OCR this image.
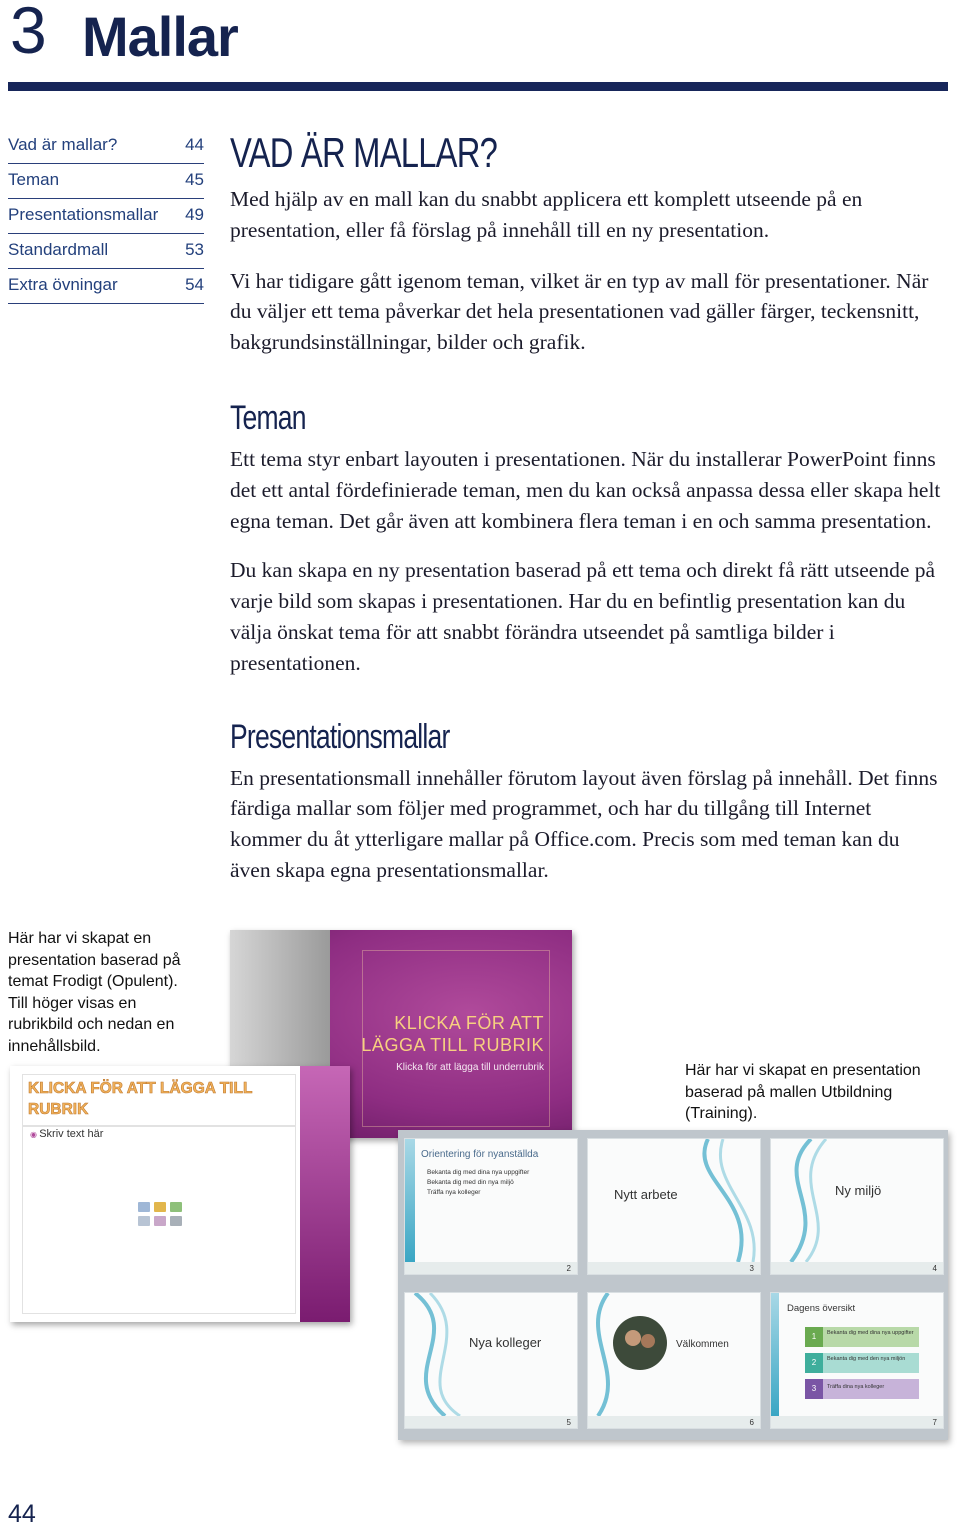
3 Mallar
Vad är mallar?	44
Teman	45
Presentationsmallar 49
Standardmall	53
Extra övningar	54
VAD ÄR MALLAR?

Med hjälp av en mall kan du snabbt applicera ett komplett utseende på en presentation, eller få förslag på innehåll till en ny presentation.

Vi har tidigare gått igenom teman, vilket är en typ av mall för presentationer. När du väljer ett tema påverkar det hela presentationen vad gäller färger, teckensnitt, bakgrundsinställningar, bilder och grafik.

Teman

Ett tema styr enbart layouten i presentationen. När du installerar PowerPoint finns det ett antal fördefinierade teman, men du kan också anpassa dessa eller skapa helt egna teman. Det går även att kombinera flera teman i en och samma presentation.

Du kan skapa en ny presentation baserad på ett tema och direkt få rätt utseende på varje bild som skapas i presentationen. Har du en befintlig presentation kan du välja önskat tema för att snabbt förändra utseendet på samtliga bilder i presentationen.

Presentationsmallar

En presentationsmall innehåller förutom layout även förslag på innehåll. Det finns färdiga mallar som följer med programmet, och har du tillgång till Internet kommer du åt ytterligare mallar på Office.com. Precis som med teman kan du även skapa egna presentationsmallar.

Här har vi skapat en presentation baserad på temat Frodigt (Opulent). Till höger visas en rubrikbild och nedan en innehållsbild.
Här har vi skapat en presentation baserad på mallen Utbildning (Training).
KLICKA FÖR ATT
LÄGGA TILL RUBRIK
Klicka för att lägga till underrubrik
KLICKA FÖR ATT LÄGGA TILL
RUBRIK
◉ Skriv text här
Orientering för nyanställda
Bekanta dig med dina nya uppgifter
Bekanta dig med din nya miljö
Träffa nya kolleger
2
Nytt arbete
3
Ny miljö
4
Nya kolleger
5
Välkommen
6
Dagens översikt
1	Bekanta dig med dina nya uppgifter
2	Bekanta dig med den nya miljön
3	Träffa dina nya kolleger
7
44
